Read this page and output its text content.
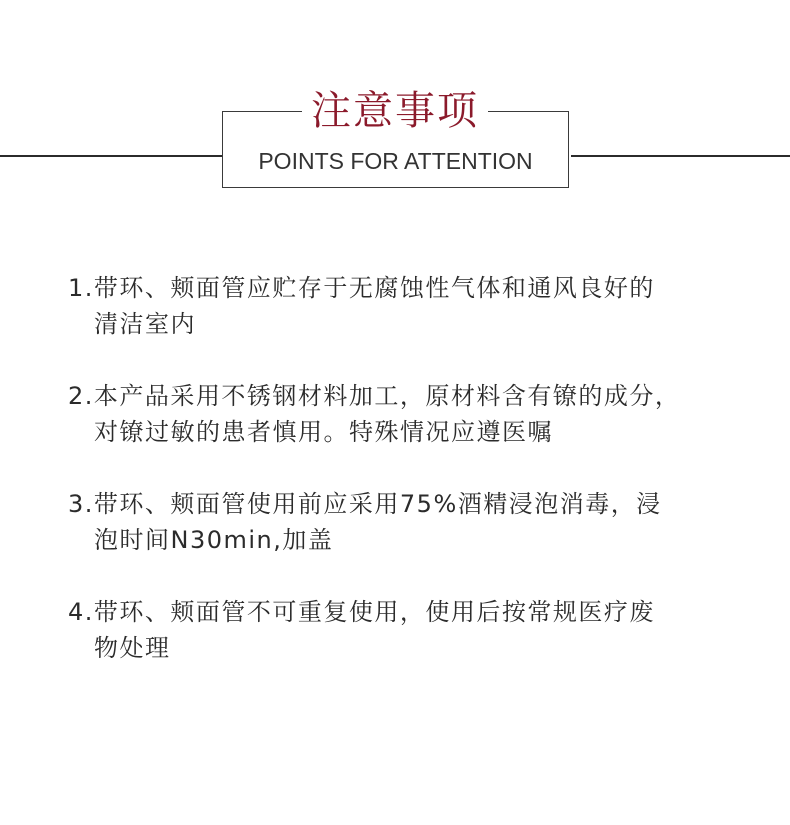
注意事项
POINTS FOR ATTENTION
1.带环、颊面管应贮存于无腐蚀性气体和通风良好的
清洁室内
2.本产品采用不锈钢材料加工，原材料含有镣的成分，
对镣过敏的患者慎用。特殊情况应遵医嘱
3.带环、颊面管使用前应采用75%酒精浸泡消毒，浸
泡时间N30min,加盖
4.带环、颊面管不可重复使用，使用后按常规医疗废
物处理
